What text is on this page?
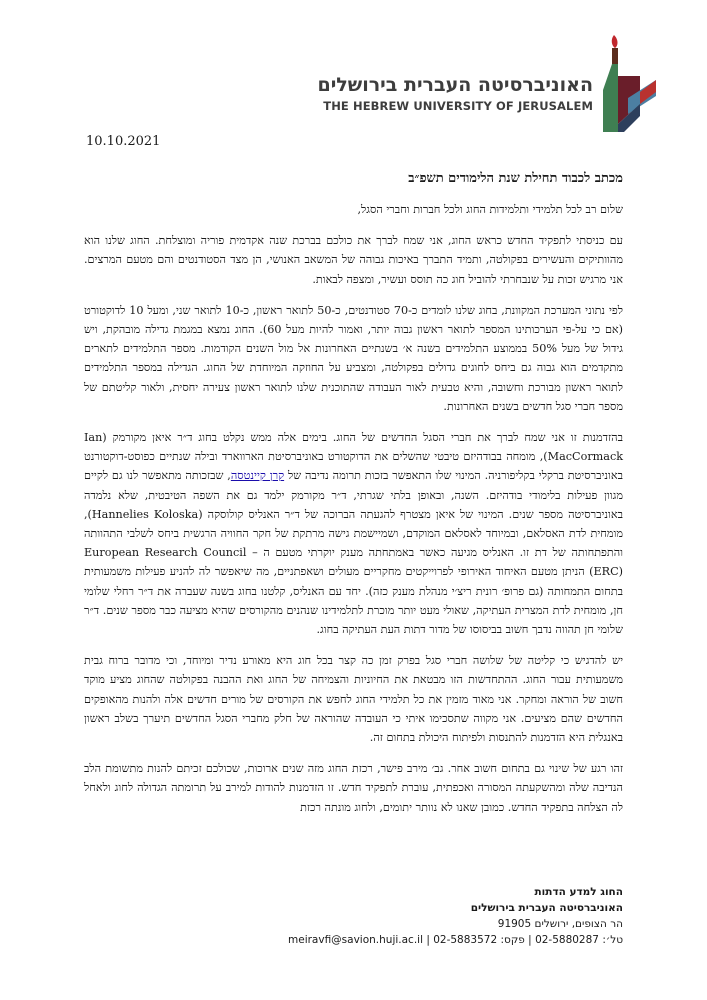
האוניברסיטה העברית בירושלים
THE HEBREW UNIVERSITY OF JERUSALEM
10.10.2021
מכתב לכבוד תחילת שנת הלימודים תשפ״ב

שלום רב לכל תלמידי ותלמידות החוג ולכל חברות וחברי הסגל,

עם כניסתי לתפקיד החדש כראש החוג, אני שמח לברך את כולכם בברכת שנה אקדמית פוריה ומוצלחת. החוג שלנו הוא מהוותיקים והעשירים בפקולטה, ותמיד התברך באיכות גבוהה של המשאב האנושי, הן מצד הסטודנטים והם מטעם המרצים. אני מרגיש זכות על שנבחרתי להוביל חוג כה תוסס ועשיר, ומצפה לבאות.

לפי נתוני המערכת המקוונת, בחוג שלנו לומדים כ-70 סטודנטים, כ-50 לתואר ראשון, כ-10 לתואר שני, ומעל 10 לדוקטורט (אם כי על-פי הערכותינו המספר לתואר ראשון גבוה יותר, ואמור להיות מעל 60). החוג נמצא במגמת גדילה מובהקת, ויש גידול של מעל 50% בממוצע התלמידים בשנה א׳ בשנתיים האחרונות אל מול השנים הקודמות. מספר התלמידים לתארים מתקדמים הוא גבוה גם ביחס לחוגים גדולים בפקולטה, ומצביע על החוזקה המיוחדת של החוג. הגדילה במספר התלמידים לתואר ראשון מבורכת וחשובה, והיא טבעית לאור העבודה שהתוכנית שלנו לתואר ראשון צעירה יחסית, ולאור קליטתם של מספר חברי סגל חדשים בשנים האחרונות.

בהזדמנות זו אני שמח לברך את חברי הסגל החדשים של החוג. בימים אלה ממש נקלט בחוג ד״ר איאן מקורמק (Ian MacCormack), מומחה בבודהיזם טיבטי שהשלים את הדוקטורט באוניברסיטת הארווארד ובילה שנתיים כפוסט-דוקטורנט באוניברסיטת ברקלי בקליפורניה. המינוי שלו התאפשר בזכות תרומה נדיבה של קרן קיינטסה, שבזכותה מתאפשר לנו גם לקיים מגוון פעילות בלימודי בודהיזם. השנה, ובאופן בלתי שגרתי, ד״ר מקורמק ילמד גם את השפה הטיבטית, שלא נלמדה באוניברסיטה מספר שנים. המינוי של איאן מצטרף להגעתה הברוכה של ד״ר האנליס קולוסקה (Hannelies Koloska), מומחית לדת האסלאם, ובמיוחד לאסלאם המוקדם, ושמיישמת גישה מרתקת של חקר החוויה הרגשית ביחס לשלבי התהוותה והתפתחותה של דת זו. האנליס מגיעה כאשר באמתחתה מענק יוקרתי מטעם ה – European Research Council (ERC) הניתן מטעם האיחוד האירופי לפרוייקטים מחקריים מעולים ושאפתניים, מה שיאפשר לה להניע פעילות משמעותית בתחום התמחותה (גם פרופ׳ רונית ריצ׳י מנהלת מענק כזה). יחד עם האנליס, קלטנו בחוג בשנה שעברה את ד״ר רחלי שלומי חן, מומחית לדת המצרית העתיקה, שאולי מעט יותר מוכרת לתלמידינו שנהנים מהקורסים שהיא מציעה כבר מספר שנים. ד״ר שלומי חן תהווה נדבך חשוב בביסוסו של מדור דתות העת העתיקה בחוג.

יש להדגיש כי קליטה של שלושה חברי סגל בפרק זמן כה קצר בכל חוג היא מאורע נדיר ומיוחד, וכי מדובר ברוח גבית משמעותית עבור החוג. ההתחדשות הזו מבטאת את החיוניות והצמיחה של החוג ואת ההבנה בפקולטה שהחוג מציע מוקד חשוב של הוראה ומחקר. אני מאוד מזמין את כל תלמידי החוג לחפש את הקורסים של מורים חדשים אלה ולהנות מהאופקים החדשים שהם מציעים. אני מקווה שתסכימו איתי כי העובדה שהוראה של חלק מחברי הסגל החדשים תיערך בשלב ראשון באנגלית היא הזדמנות להתנסות ולפיתוח היכולת בתחום זה.

זהו רגע של שינוי גם בתחום חשוב אחר. גב׳ מירב פישר, רכזת החוג מזה שנים ארוכות, שכולכם זכיתם להנות מתשומת הלב הנדיבה שלה ומהשקעתה המסורה ואכפתית, עוברת לתפקיד חדש. זו הזדמנות להודות למירב על תרומתה הגדולה לחוג ולאחל לה הצלחה בתפקיד החדש. כמובן שאנו לא נוותר יתומים, ולחוג מונתה רכזת

החוג למדע הדתות
האוניברסיטה העברית בירושלים
הר הצופים, ירושלים 91905
טל׳: 02-5880287 | פקס: 02-5883572 | meiravfi@savion.huji.ac.il
